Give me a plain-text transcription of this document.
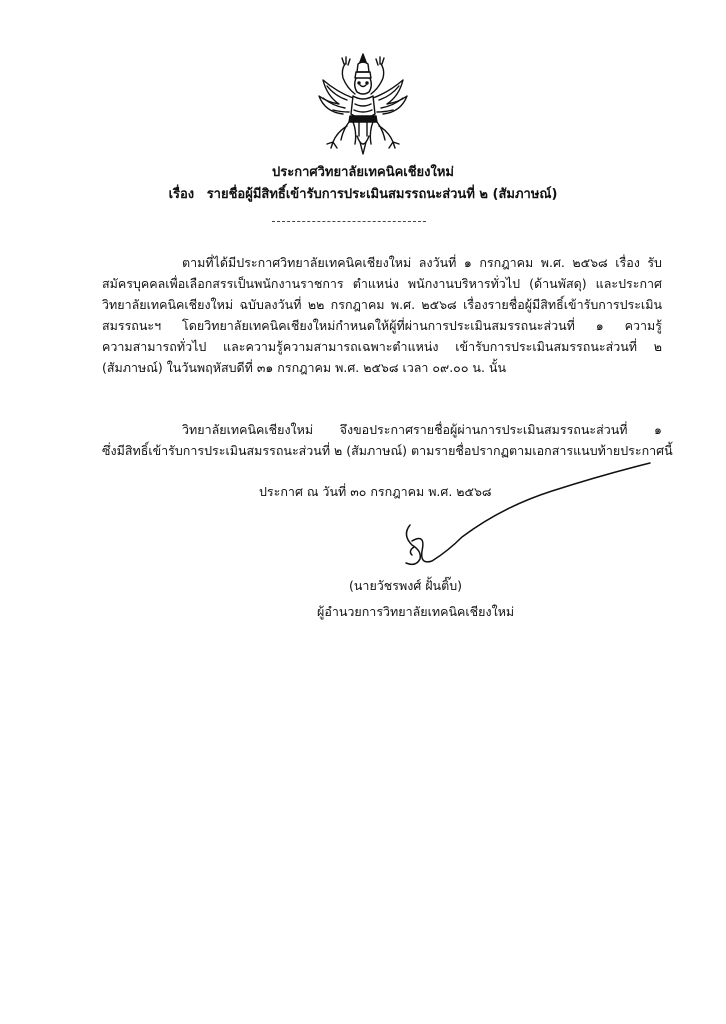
ประกาศวิทยาลัยเทคนิคเชียงใหม่
เรื่อง รายชื่อผู้มีสิทธิ์เข้ารับการประเมินสมรรถนะส่วนที่ ๒ (สัมภาษณ์)
ตามที่ได้มีประกาศวิทยาลัยเทคนิคเชียงใหม่ ลงวันที่ ๑ กรกฎาคม พ.ศ. ๒๕๖๘ เรื่อง รับ
สมัครบุคคลเพื่อเลือกสรรเป็นพนักงานราชการ ตำแหน่ง พนักงานบริหารทั่วไป (ด้านพัสดุ) และประกาศ
วิทยาลัยเทคนิคเชียงใหม่ ฉบับลงวันที่ ๒๒ กรกฎาคม พ.ศ. ๒๕๖๘ เรื่องรายชื่อผู้มีสิทธิ์เข้ารับการประเมิน
สมรรถนะฯ โดยวิทยาลัยเทคนิคเชียงใหม่กำหนดให้ผู้ที่ผ่านการประเมินสมรรถนะส่วนที่ ๑ ความรู้
ความสามารถทั่วไป และความรู้ความสามารถเฉพาะตำแหน่ง เข้ารับการประเมินสมรรถนะส่วนที่ ๒
(สัมภาษณ์) ในวันพฤหัสบดีที่ ๓๑ กรกฎาคม พ.ศ. ๒๕๖๘ เวลา ๐๙.๐๐ น. นั้น
วิทยาลัยเทคนิคเชียงใหม่ จึงขอประกาศรายชื่อผู้ผ่านการประเมินสมรรถนะส่วนที่ ๑
ซึ่งมีสิทธิ์เข้ารับการประเมินสมรรถนะส่วนที่ ๒ (สัมภาษณ์) ตามรายชื่อปรากฏตามเอกสารแนบท้ายประกาศนี้
ประกาศ ณ วันที่ ๓๐ กรกฎาคม พ.ศ. ๒๕๖๘
(นายวัชรพงศ์ ฝั้นติ๊บ)
ผู้อำนวยการวิทยาลัยเทคนิคเชียงใหม่
